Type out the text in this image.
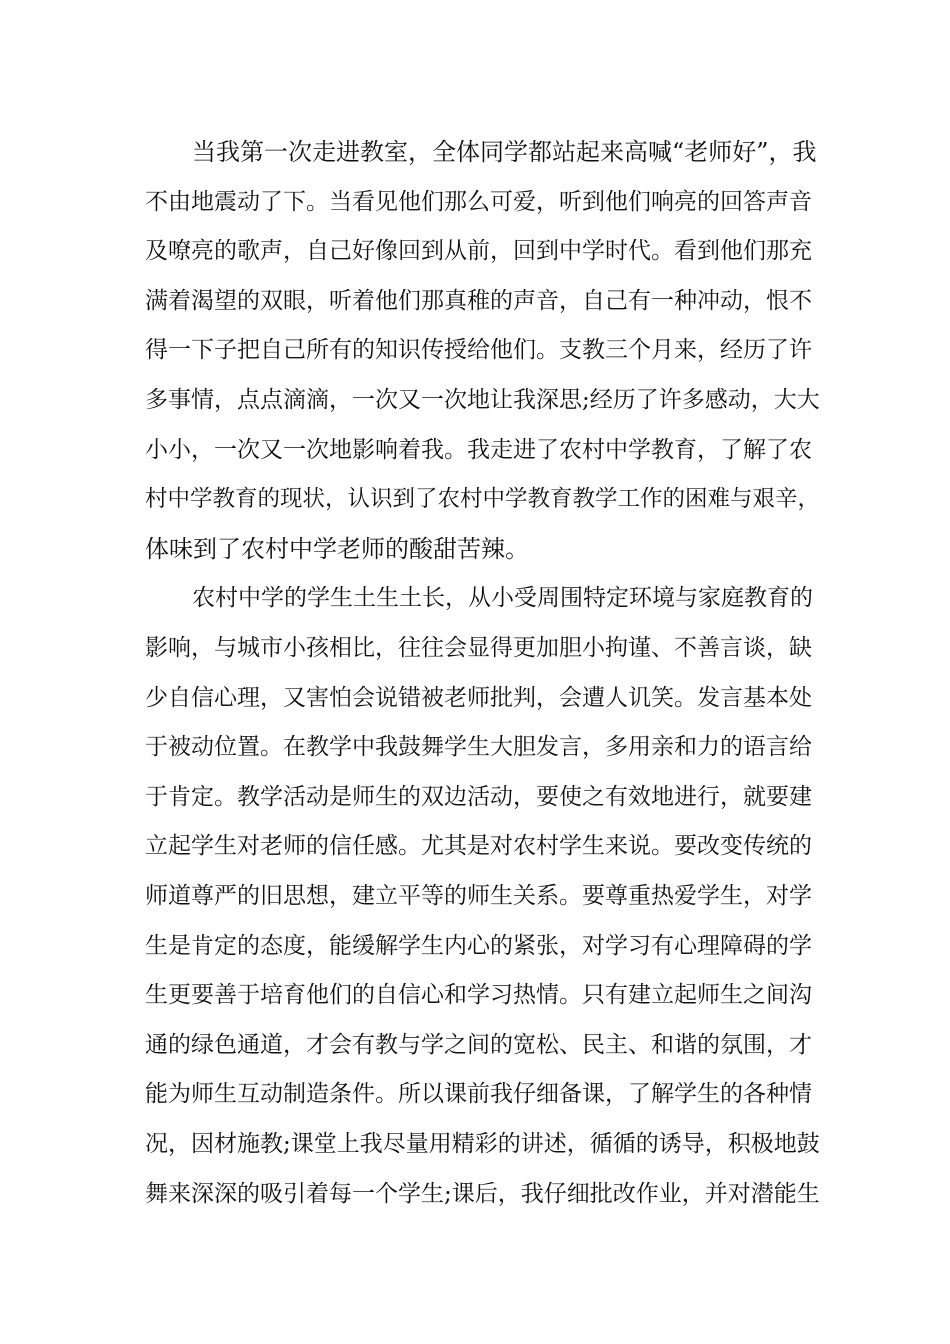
当我第一次走进教室，全体同学都站起来高喊“老师好”，我
不由地震动了下。当看见他们那么可爱，听到他们响亮的回答声音
及嘹亮的歌声，自己好像回到从前，回到中学时代。看到他们那充
满着渴望的双眼，听着他们那真稚的声音，自己有一种冲动，恨不
得一下子把自己所有的知识传授给他们。支教三个月来，经历了许
多事情，点点滴滴，一次又一次地让我深思;经历了许多感动，大大
小小，一次又一次地影响着我。我走进了农村中学教育，了解了农
村中学教育的现状，认识到了农村中学教育教学工作的困难与艰辛，
体味到了农村中学老师的酸甜苦辣。
农村中学的学生土生土长，从小受周围特定环境与家庭教育的
影响，与城市小孩相比，往往会显得更加胆小拘谨、不善言谈，缺
少自信心理，又害怕会说错被老师批判，会遭人讥笑。发言基本处
于被动位置。在教学中我鼓舞学生大胆发言，多用亲和力的语言给
于肯定。教学活动是师生的双边活动，要使之有效地进行，就要建
立起学生对老师的信任感。尤其是对农村学生来说。要改变传统的
师道尊严的旧思想，建立平等的师生关系。要尊重热爱学生，对学
生是肯定的态度，能缓解学生内心的紧张，对学习有心理障碍的学
生更要善于培育他们的自信心和学习热情。只有建立起师生之间沟
通的绿色通道，才会有教与学之间的宽松、民主、和谐的氛围，才
能为师生互动制造条件。所以课前我仔细备课，了解学生的各种情
况，因材施教;课堂上我尽量用精彩的讲述，循循的诱导，积极地鼓
舞来深深的吸引着每一个学生;课后，我仔细批改作业，并对潜能生
